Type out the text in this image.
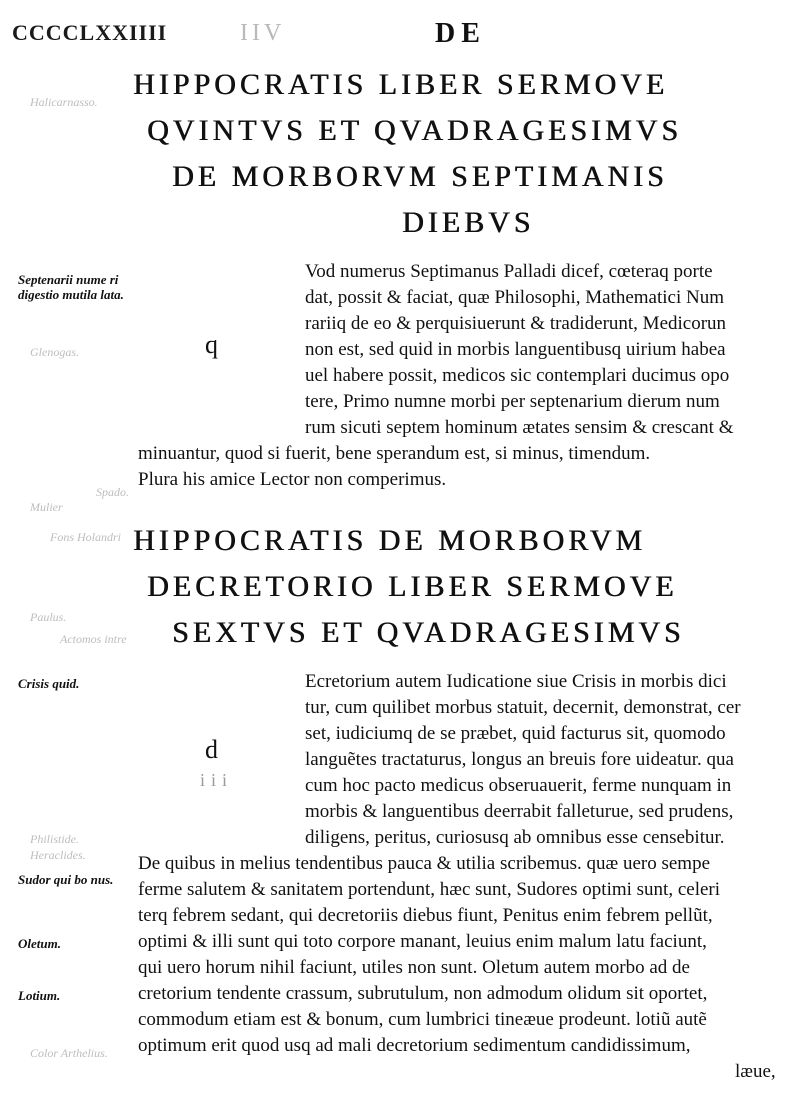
CCCCLXXIIII	IIV	DE
Halicarnasso.
Glenogas.
Mulier
Spado.
Fons Holandri
Paulus.
Actomos intre
Philistide.
Heraclides.
Color Arthelius.
HIPPOCRATIS LIBER SERMOVE
QVINTVS ET QVADRAGESIMVS
DE MORBORVM SEPTIMANIS
DIEBVS
Septenarii nume ri digestio mutila lata.
Crisis quid.
Sudor qui bo nus.
Oletum.
Lotium.
q
Vod numerus Septimanus Palladi dicef, cœteraq porte
dat, possit & faciat, quæ Philosophi, Mathematici Num
rariiq de eo & perquisiuerunt & tradiderunt, Medicorun
non est, sed quid in morbis languentibusq uirium habea
uel habere possit, medicos sic contemplari ducimus opo
tere, Primo numne morbi per septenarium dierum num
rum sicuti septem hominum ætates sensim & crescant &
minuantur, quod si fuerit, bene sperandum est, si minus, timendum.
Plura his amice Lector non comperimus.
HIPPOCRATIS DE MORBORVM
DECRETORIO LIBER SERMOVE
SEXTVS ET QVADRAGESIMVS
d
iii
Ecretorium autem Iudicatione siue Crisis in morbis dici
tur, cum quilibet morbus statuit, decernit, demonstrat, cer
set, iudiciumq de se præbet, quid facturus sit, quomodo
languẽtes tractaturus, longus an breuis fore uideatur. qua
cum hoc pacto medicus obseruauerit, ferme nunquam in
morbis & languentibus deerrabit falleturue, sed prudens,
diligens, peritus, curiosusq ab omnibus esse censebitur.
De quibus in melius tendentibus pauca & utilia scribemus. quæ uero sempe
ferme salutem & sanitatem portendunt, hæc sunt, Sudores optimi sunt, celeri
terq febrem sedant, qui decretoriis diebus fiunt, Penitus enim febrem pellũt,
optimi & illi sunt qui toto corpore manant, leuius enim malum latu faciunt,
qui uero horum nihil faciunt, utiles non sunt. Oletum autem morbo ad de
cretorium tendente crassum, subrutulum, non admodum olidum sit oportet,
commodum etiam est & bonum, cum lumbrici tineæue prodeunt. lotiũ autẽ
optimum erit quod usq ad mali decretorium sedimentum candidissimum,
læue,
